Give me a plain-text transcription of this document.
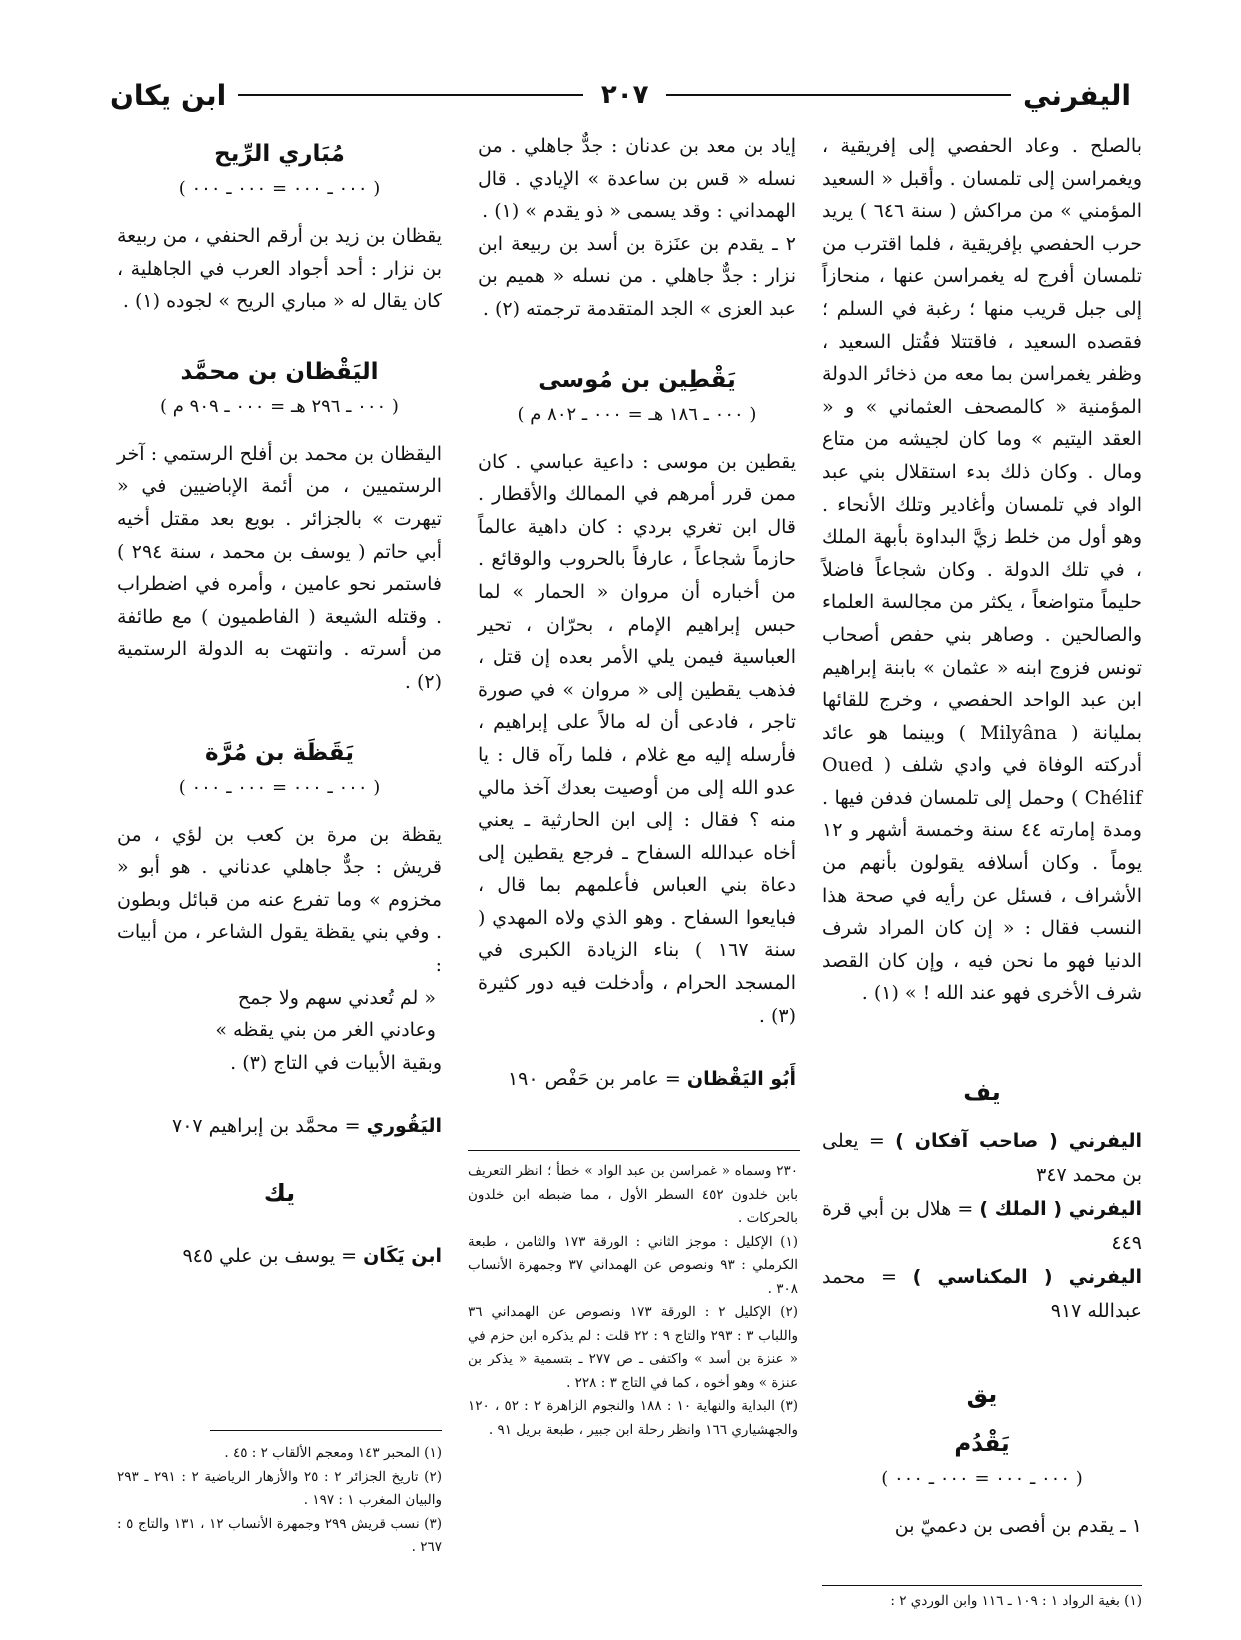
اليفرني
٢٠٧
ابن يكان

بالصلح . وعاد الحفصي إلى إفريقية ، ويغمراسن إلى تلمسان . وأقبل « السعيد المؤمني » من مراكش ( سنة ٦٤٦ ) يريد حرب الحفصي بإفريقية ، فلما اقترب من تلمسان أفرج له يغمراسن عنها ، منحازاً إلى جبل قريب منها ؛ رغبة في السلم ؛ فقصده السعيد ، فاقتتلا فقُتل السعيد ، وظفر يغمراسن بما معه من ذخائر الدولة المؤمنية « كالمصحف العثماني » و « العقد اليتيم » وما كان لجيشه من متاع ومال . وكان ذلك بدء استقلال بني عبد الواد في تلمسان وأغادير وتلك الأنحاء . وهو أول من خلط زيَّ البداوة بأبهة الملك ، في تلك الدولة . وكان شجاعاً فاضلاً حليماً متواضعاً ، يكثر من مجالسة العلماء والصالحين . وصاهر بني حفص أصحاب تونس فزوج ابنه « عثمان » بابنة إبراهيم ابن عبد الواحد الحفصي ، وخرج للقائها بمليانة ( Milyâna ) وبينما هو عائد أدركته الوفاة في وادي شلف ( Oued Chélif ) وحمل إلى تلمسان فدفن فيها . ومدة إمارته ٤٤ سنة وخمسة أشهر و ١٢ يوماً . وكان أسلافه يقولون بأنهم من الأشراف ، فسئل عن رأيه في صحة هذا النسب فقال : « إن كان المراد شرف الدنيا فهو ما نحن فيه ، وإن كان القصد شرف الأخرى فهو عند الله ! » (١) .

يف

اليفرني ( صاحب آفكان ) = يعلى بن محمد ٣٤٧

اليفرني ( الملك ) = هلال بن أبي قرة ٤٤٩

اليفرني ( المكناسي ) = محمد عبدالله ٩١٧

يق
يَقْدُم
( ٠٠٠ ـ ٠٠٠ = ٠٠٠ ـ ٠٠٠ )

١ ـ يقدم بن أفصى بن دعميّ بن

إياد بن معد بن عدنان : جدٌّ جاهلي . من نسله « قس بن ساعدة » الإيادي . قال الهمداني : وقد يسمى « ذو يقدم » (١) .

٢ ـ يقدم بن عنَزة بن أسد بن ربيعة ابن نزار : جدٌّ جاهلي . من نسله « هميم بن عبد العزى » الجد المتقدمة ترجمته (٢) .

يَقْطِين بن مُوسى
( ٠٠٠ ـ ١٨٦ هـ = ٠٠٠ ـ ٨٠٢ م )

يقطين بن موسى : داعية عباسي . كان ممن قرر أمرهم في الممالك والأقطار . قال ابن تغري بردي : كان داهية عالماً حازماً شجاعاً ، عارفاً بالحروب والوقائع . من أخباره أن مروان « الحمار » لما حبس إبراهيم الإمام ، بحرّان ، تحير العباسية فيمن يلي الأمر بعده إن قتل ، فذهب يقطين إلى « مروان » في صورة تاجر ، فادعى أن له مالاً على إبراهيم ، فأرسله إليه مع غلام ، فلما رآه قال : يا عدو الله إلى من أوصيت بعدك آخذ مالي منه ؟ فقال : إلى ابن الحارثية ـ يعني أخاه عبدالله السفاح ـ فرجع يقطين إلى دعاة بني العباس فأعلمهم بما قال ، فبايعوا السفاح . وهو الذي ولاه المهدي ( سنة ١٦٧ ) بناء الزيادة الكبرى في المسجد الحرام ، وأدخلت فيه دور كثيرة (٣) .

أَبُو اليَقْظان = عامر بن حَفْص ١٩٠

مُبَاري الرِّيح
( ٠٠٠ ـ ٠٠٠ = ٠٠٠ ـ ٠٠٠ )

يقظان بن زيد بن أرقم الحنفي ، من ربيعة بن نزار : أحد أجواد العرب في الجاهلية ، كان يقال له « مباري الريح » لجوده (١) .

اليَقْظان بن محمَّد
( ٠٠٠ ـ ٢٩٦ هـ = ٠٠٠ ـ ٩٠٩ م )

اليقظان بن محمد بن أفلح الرستمي : آخر الرستميين ، من أئمة الإباضيين في « تيهرت » بالجزائر . بويع بعد مقتل أخيه أبي حاتم ( يوسف بن محمد ، سنة ٢٩٤ ) فاستمر نحو عامين ، وأمره في اضطراب . وقتله الشيعة ( الفاطميون ) مع طائفة من أسرته . وانتهت به الدولة الرستمية (٢) .

يَقَظَة بن مُرَّة
( ٠٠٠ ـ ٠٠٠ = ٠٠٠ ـ ٠٠٠ )

يقظة بن مرة بن كعب بن لؤي ، من قريش : جدٌّ جاهلي عدناني . هو أبو « مخزوم » وما تفرع عنه من قبائل وبطون . وفي بني يقظة يقول الشاعر ، من أبيات :

« لم تُعدني سهم ولا جمح

وعادني الغر من بني يقظه »

وبقية الأبيات في التاج (٣) .

اليَقُوري = محمَّد بن إبراهيم ٧٠٧

يك

ابن يَكَان = يوسف بن علي ٩٤٥

٢٣٠ وسماه « غمراسن بن عبد الواد » خطأ ؛ انظر التعريف بابن خلدون ٤٥٢ السطر الأول ، مما ضبطه ابن خلدون بالحركات .

(١) الإكليل : موجز الثاني : الورقة ١٧٣ والثامن ، طبعة الكرملي : ٩٣ ونصوص عن الهمداني ٣٧ وجمهرة الأنساب ٣٠٨ .

(٢) الإكليل ٢ : الورقة ١٧٣ ونصوص عن الهمداني ٣٦ واللباب ٣ : ٢٩٣ والتاج ٩ : ٢٢ قلت : لم يذكره ابن حزم في « عنزة بن أسد » واكتفى ـ ص ٢٧٧ ـ بتسمية « يذكر بن عنزة » وهو أخوه ، كما في التاج ٣ : ٢٢٨ .

(٣) البداية والنهاية ١٠ : ١٨٨ والنجوم الزاهرة ٢ : ٥٢ ، ١٢٠ والجهشياري ١٦٦ وانظر رحلة ابن جبير ، طبعة بريل ٩١ .

(١) المحبر ١٤٣ ومعجم الألقاب ٢ : ٤٥ .

(٢) تاريخ الجزائر ٢ : ٢٥ والأزهار الرياضية ٢ : ٢٩١ ـ ٢٩٣ والبيان المغرب ١ : ١٩٧ .

(٣) نسب قريش ٢٩٩ وجمهرة الأنساب ١٢ ، ١٣١ والتاج ٥ : ٢٦٧ .

(١) بغية الرواد ١ : ١٠٩ ـ ١١٦ وابن الوردي ٢ :
